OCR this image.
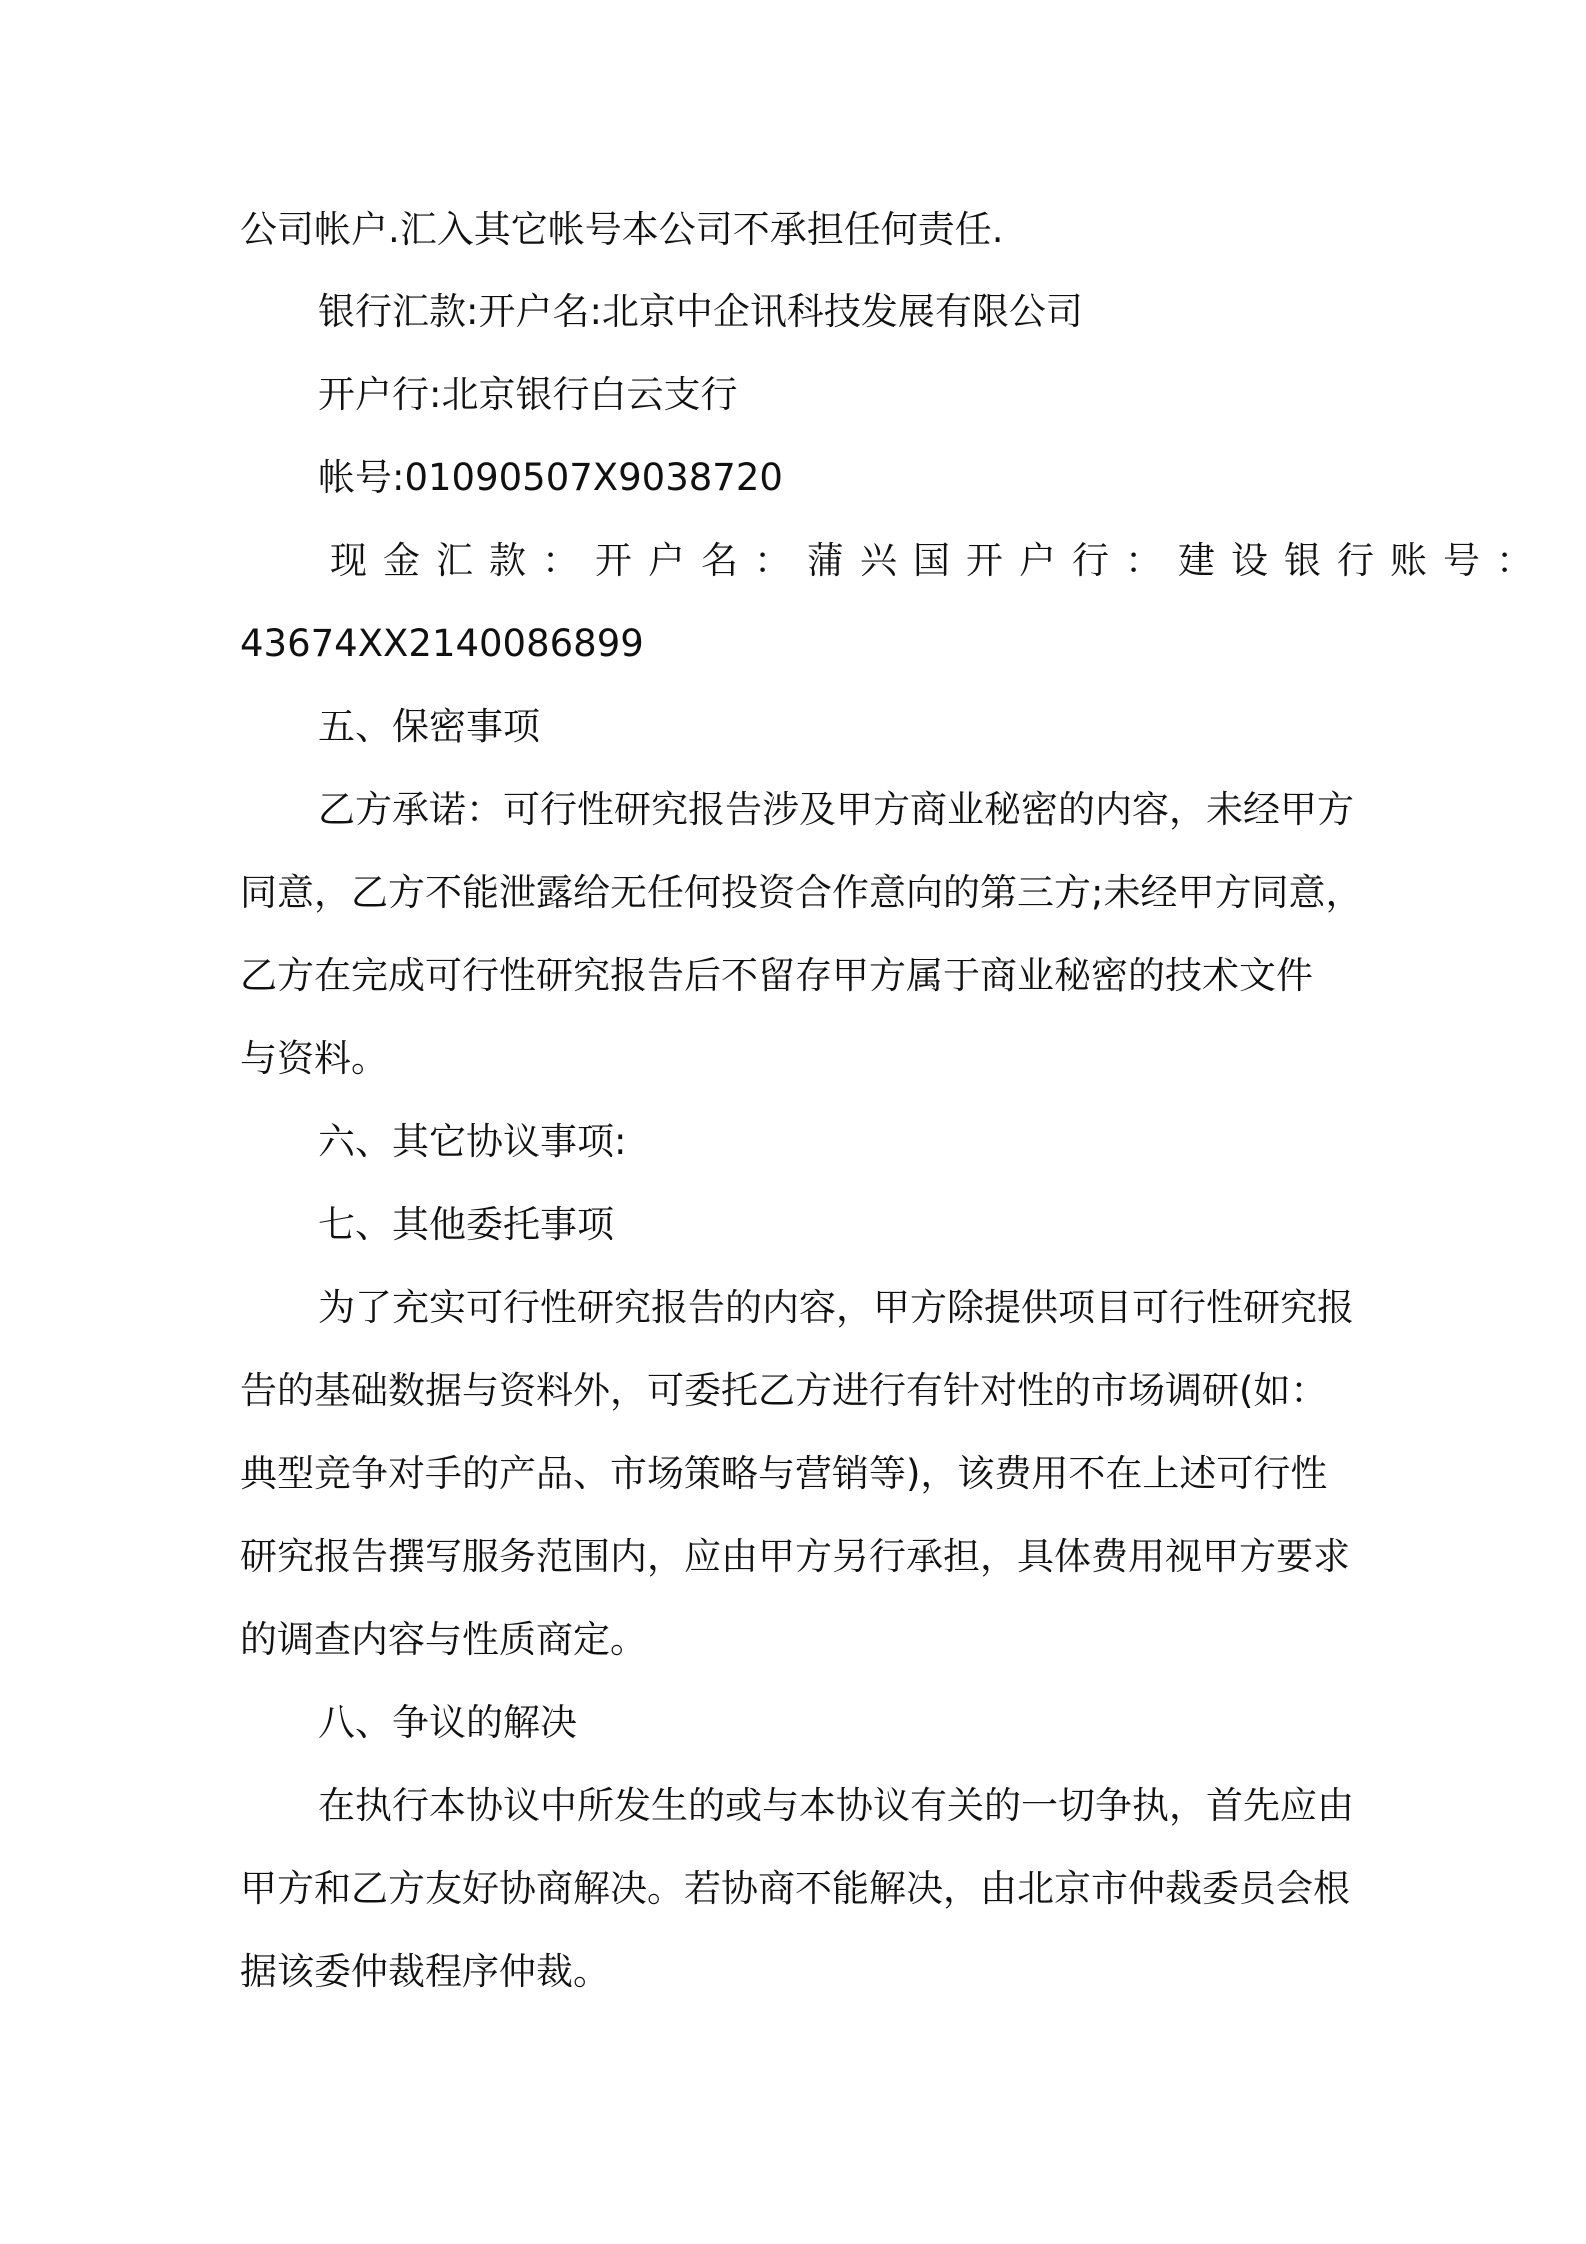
公司帐户.汇入其它帐号本公司不承担任何责任.

银行汇款:开户名:北京中企讯科技发展有限公司

开户行:北京银行白云支行

帐号:01090507X9038720

现金汇款：开户名：蒲兴国开户行：建设银行账号：

43674XX2140086899

五、保密事项

乙方承诺：可行性研究报告涉及甲方商业秘密的内容，未经甲方

同意，乙方不能泄露给无任何投资合作意向的第三方;未经甲方同意，

乙方在完成可行性研究报告后不留存甲方属于商业秘密的技术文件

与资料。

六、其它协议事项:

七、其他委托事项

为了充实可行性研究报告的内容，甲方除提供项目可行性研究报

告的基础数据与资料外，可委托乙方进行有针对性的市场调研(如：

典型竞争对手的产品、市场策略与营销等)，该费用不在上述可行性

研究报告撰写服务范围内，应由甲方另行承担，具体费用视甲方要求

的调查内容与性质商定。

八、争议的解决

在执行本协议中所发生的或与本协议有关的一切争执，首先应由

甲方和乙方友好协商解决。若协商不能解决，由北京市仲裁委员会根

据该委仲裁程序仲裁。
